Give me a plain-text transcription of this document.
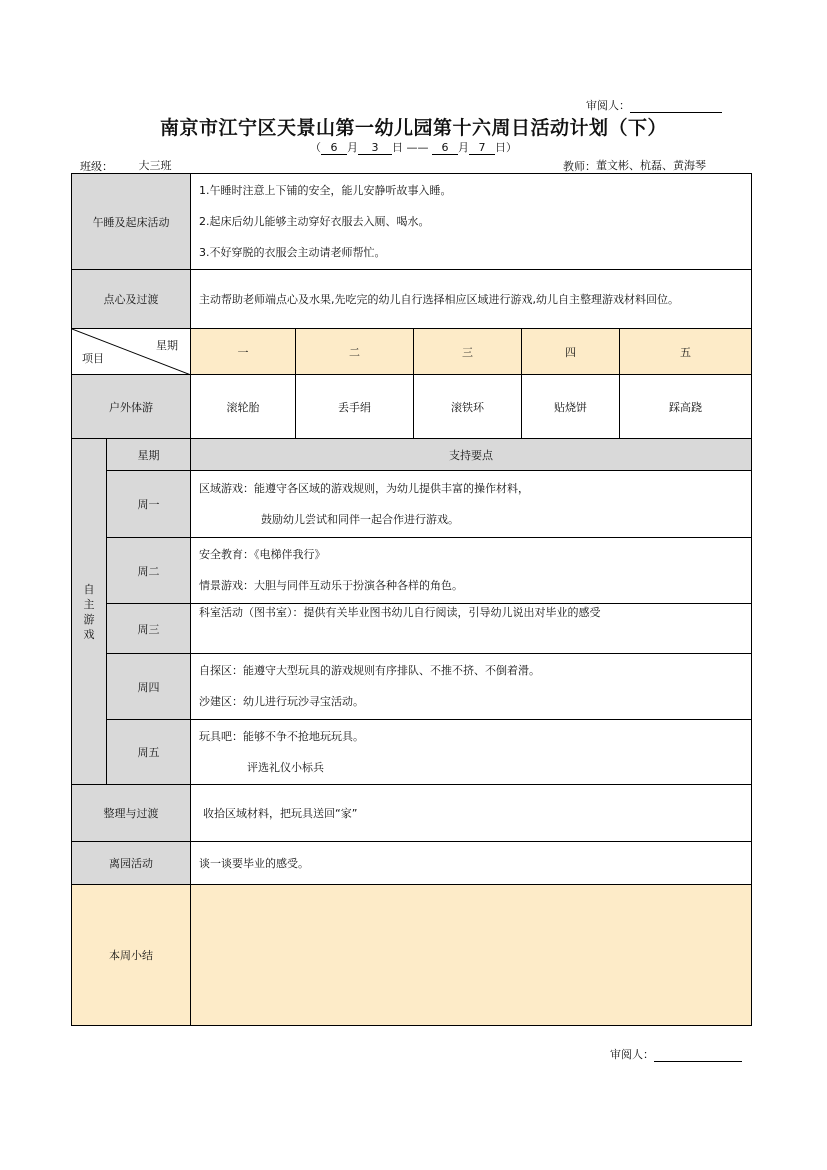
审阅人：
南京市江宁区天景山第一幼儿园第十六周日活动计划（下）
（ 6 月 3 日 —— 6 月 7 日）
班级： 大三班	教师：董文彬、杭磊、黄海琴
午睡及起床活动		1.午睡时注意上下铺的安全，能儿安静听故事入睡。
2.起床后幼儿能够主动穿好衣服去入厕、喝水。
3.不好穿脱的衣服会主动请老师帮忙。				

点心及过渡		主动帮助老师端点心及水果,先吃完的幼儿自行选择相应区域进行游戏,幼儿自主整理游戏材料回位。				

星期
项目		一	二	三	四	五
户外体游		滚轮胎	丢手绢	滚铁环	贴烧饼	踩高跷
自主游戏	星期	支持要点				
	周一	区域游戏：能遵守各区域的游戏规则，为幼儿提供丰富的操作材料，
鼓励幼儿尝试和同伴一起合作进行游戏。				

	周二	安全教育：《电梯伴我行》
情景游戏：大胆与同伴互动乐于扮演各种各样的角色。				

	周三	科室活动（图书室）：提供有关毕业图书幼儿自行阅读，引导幼儿说出对毕业的感受				

	周四	自探区：能遵守大型玩具的游戏规则有序排队、不推不挤、不倒着滑。
沙建区：幼儿进行玩沙寻宝活动。				

	周五	玩具吧：能够不争不抢地玩玩具。
评选礼仪小标兵				

整理与过渡		收拾区域材料，把玩具送回“家”				
离园活动		谈一谈要毕业的感受。				
本周小结						
审阅人：
